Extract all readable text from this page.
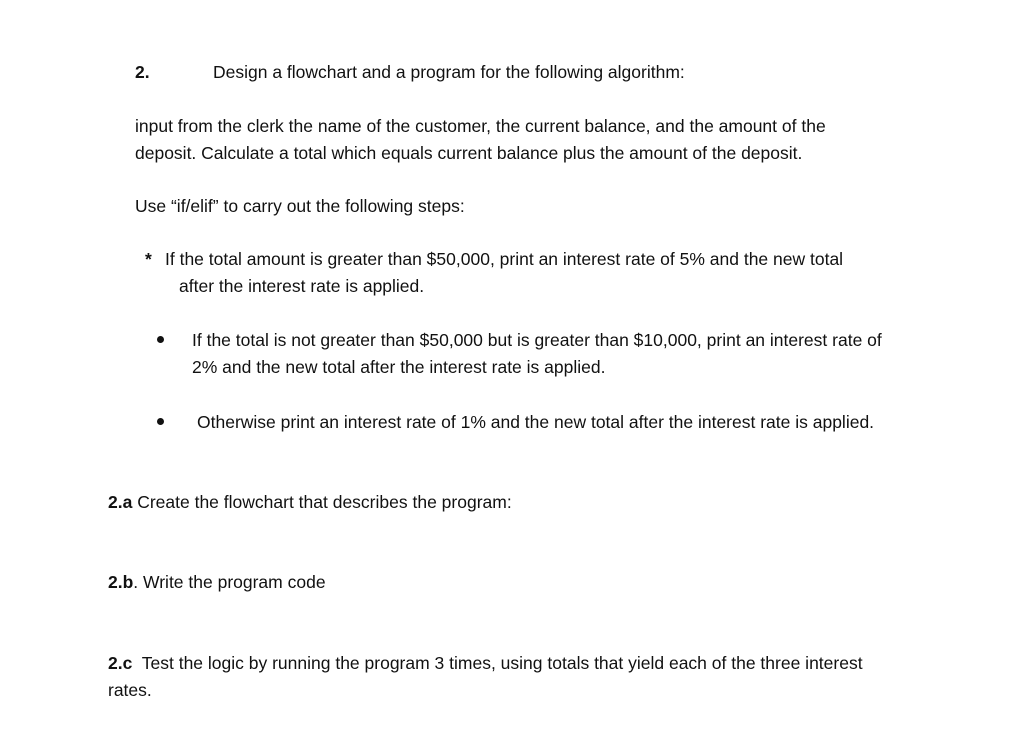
2.	Design a flowchart and a program for the following algorithm:
input from the clerk the name of the customer, the current balance, and the amount of the
deposit. Calculate a total which equals current balance plus the amount of the deposit.
Use “if/elif” to carry out the following steps:
* If the total amount is greater than $50,000, print an interest rate of 5% and the new total
after the interest rate is applied.
If the total is not greater than $50,000 but is greater than $10,000, print an interest rate of
2% and the new total after the interest rate is applied.
Otherwise print an interest rate of 1% and the new total after the interest rate is applied.
2.a Create the flowchart that describes the program:
2.b. Write the program code
2.c Test the logic by running the program 3 times, using totals that yield each of the three interest
rates.
